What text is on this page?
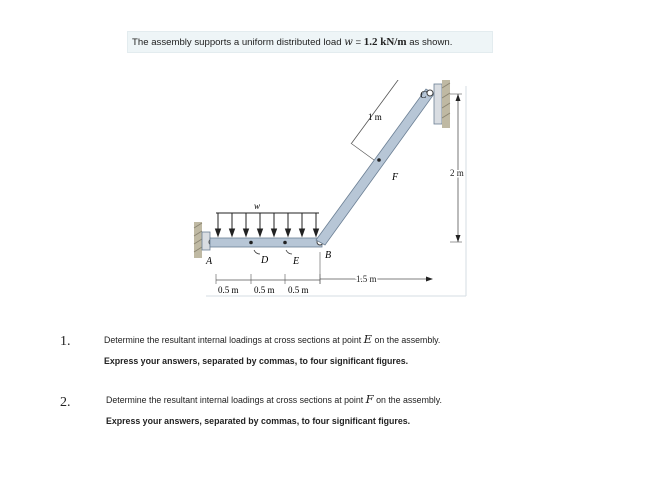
The assembly supports a uniform distributed load w = 1.2 kN/m as shown.
w
A	D E
B
C
F
1 m
2 m
1.5 m
0.5 m 0.5 m 0.5 m
1.	Determine the resultant internal loadings at cross sections at point E on the assembly.
Express your answers, separated by commas, to four significant figures.
2.	Determine the resultant internal loadings at cross sections at point F on the assembly.
Express your answers, separated by commas, to four significant figures.
